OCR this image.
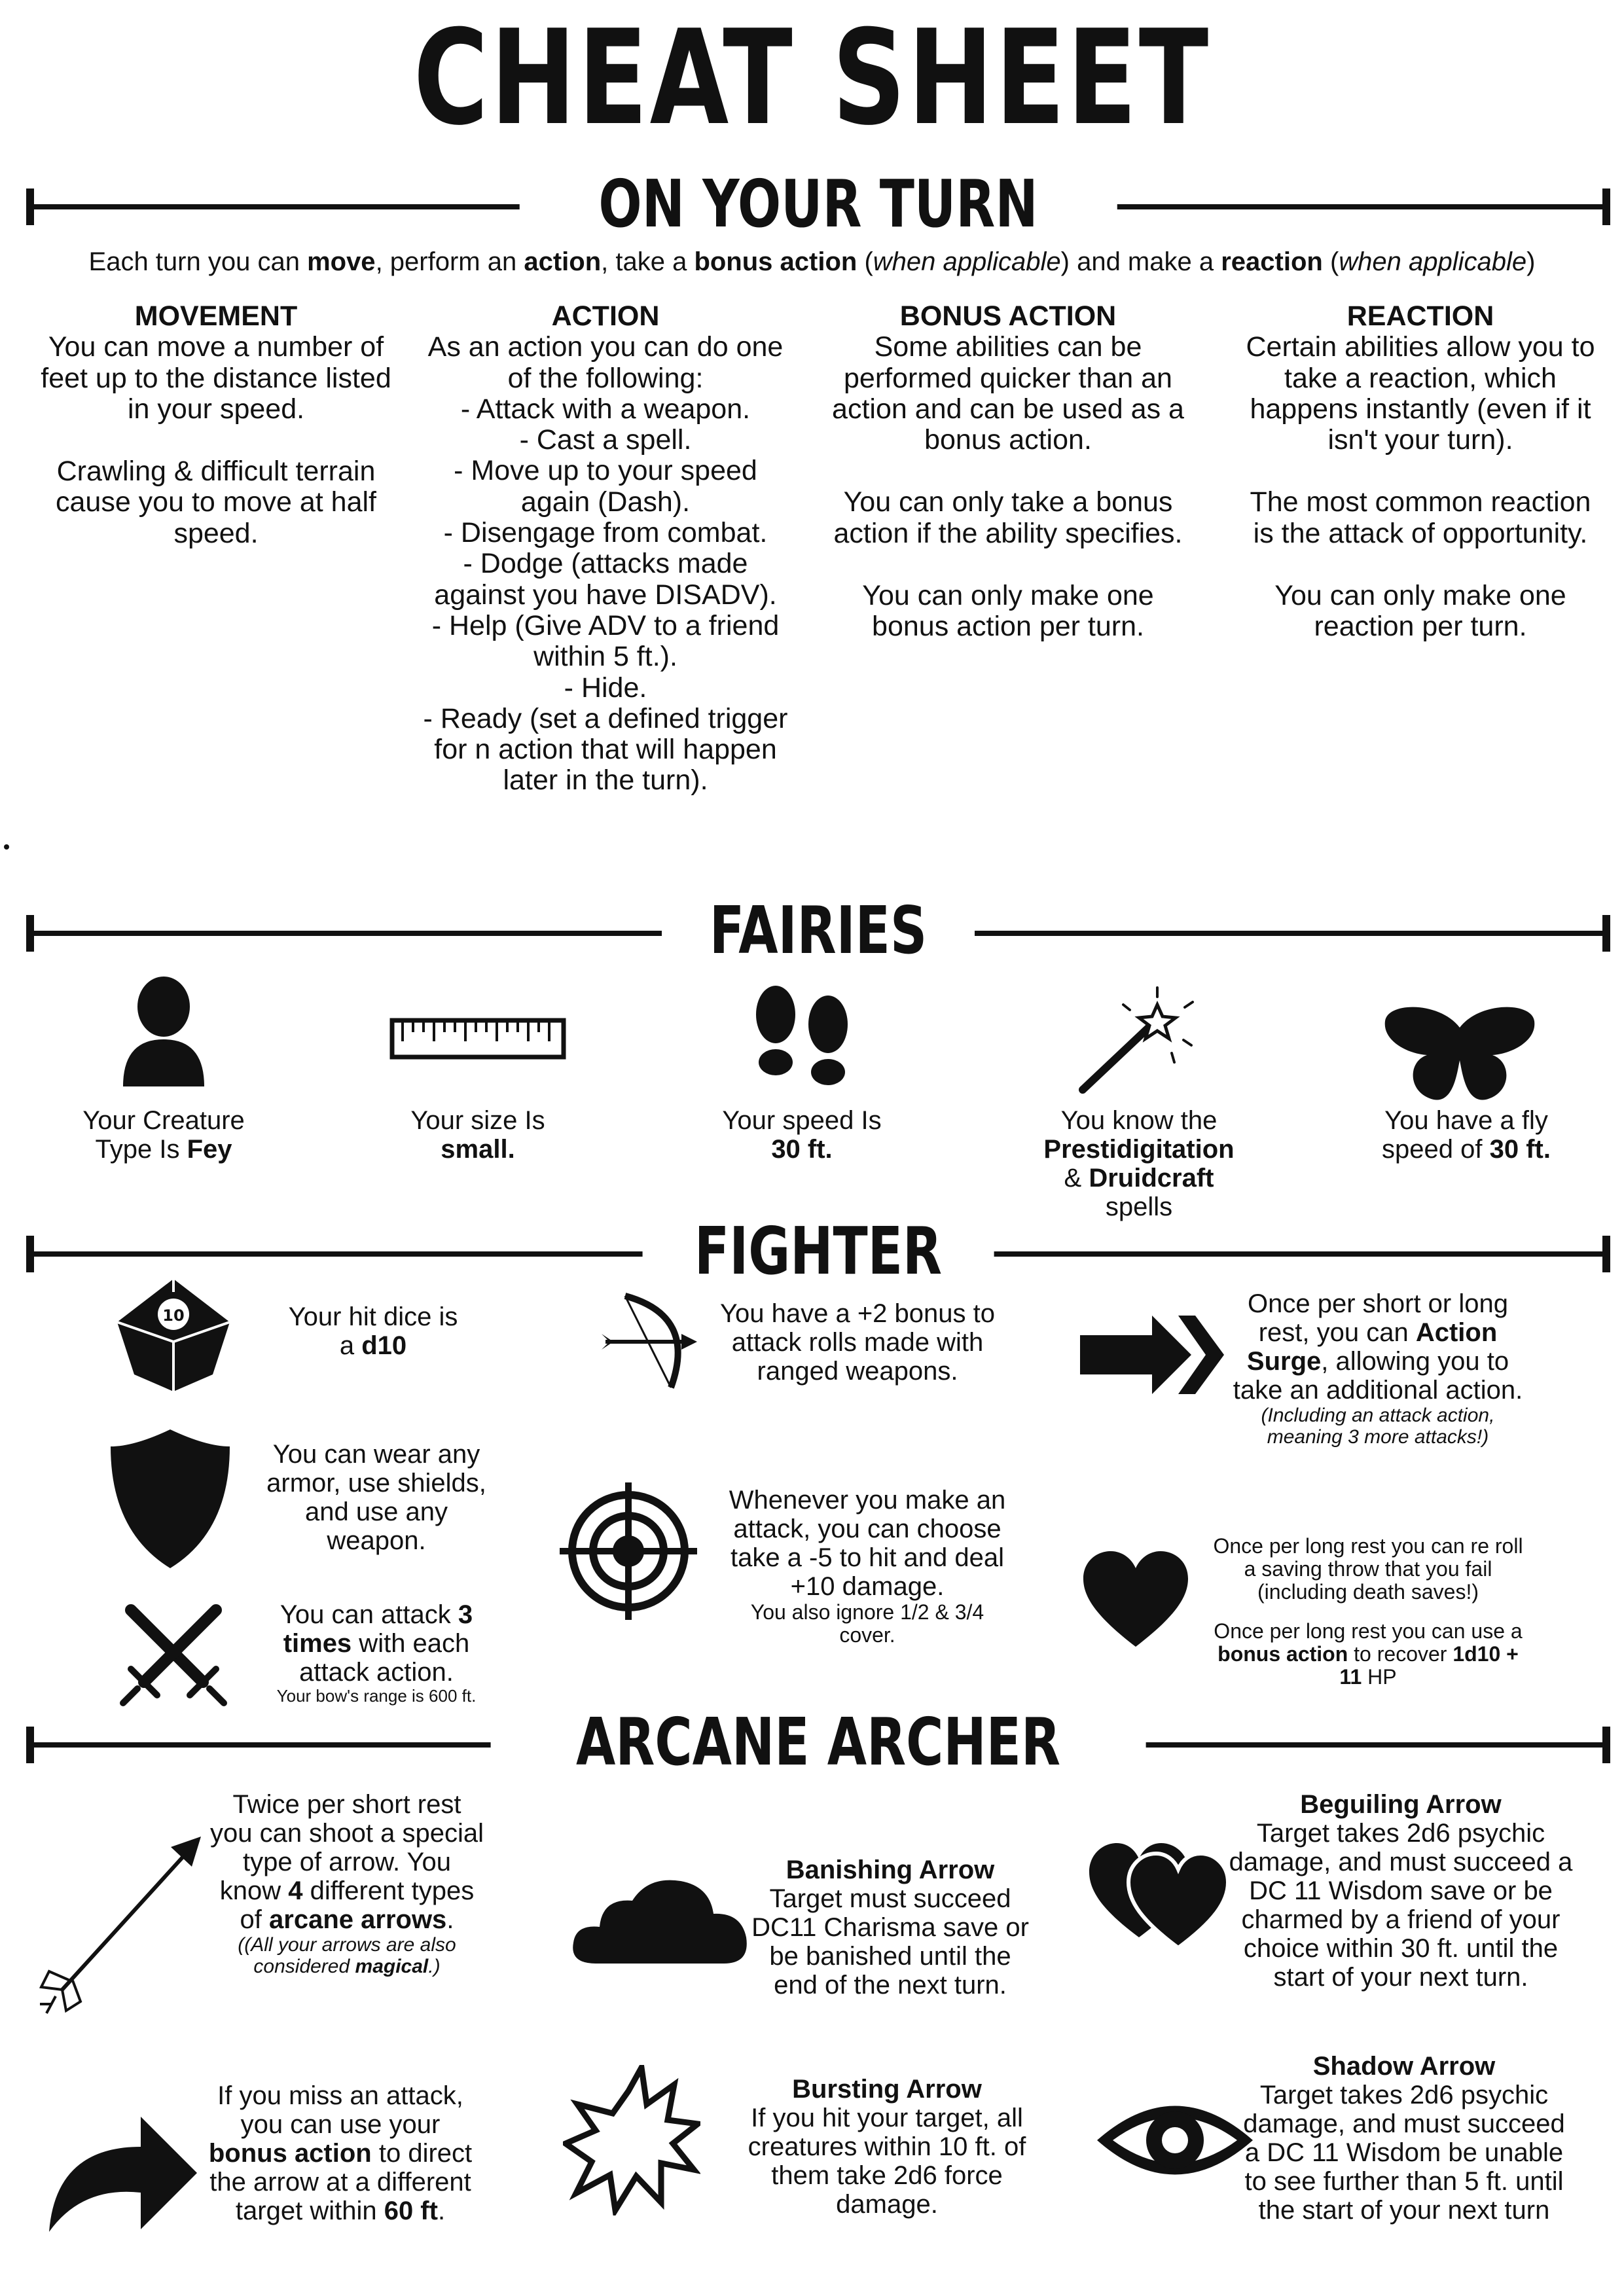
CHEAT SHEET
ON YOUR TURN
Each turn you can move, perform an action, take a bonus action (when applicable) and make a reaction (when applicable)
MOVEMENT

You can move a number of feet up to the distance listed in your speed.

Crawling & difficult terrain cause you to move at half speed.

ACTION

As an action you can do one of the following:

- Attack with a weapon.
- Cast a spell.
- Move up to your speed again (Dash).
- Disengage from combat.
- Dodge (attacks made against you have DISADV).
- Help (Give ADV to a friend within 5 ft.).
- Hide.
- Ready (set a defined trigger for n action that will happen later in the turn).
BONUS ACTION

Some abilities can be performed quicker than an action and can be used as a bonus action.

You can only take a bonus action if the ability specifies.

You can only make one bonus action per turn.

REACTION

Certain abilities allow you to take a reaction, which happens instantly (even if it isn't your turn).

The most common reaction is the attack of opportunity.

You can only make one reaction per turn.

FAIRIES
Your Creature
Type Is Fey
Your size Is
small.
Your speed Is
30 ft.
You know the
Prestidigitation
& Druidcraft
spells
You have a fly
speed of 30 ft.
FIGHTER
10	Your hit dice is
a d10
You have a +2 bonus to attack rolls made with ranged weapons.
Once per short or long rest, you can Action Surge, allowing you to take an additional action.
(Including an attack action, meaning 3 more attacks!)
You can wear any armor, use shields, and use any weapon.
Whenever you make an attack, you can choose take a -5 to hit and deal +10 damage.
You also ignore 1/2 & 3/4 cover.
Once per long rest you can re roll a saving throw that you fail (including death saves!)
Once per long rest you can use a bonus action to recover 1d10 + 11 HP
You can attack 3 times with each attack action.
Your bow's range is 600 ft.
ARCANE ARCHER
Twice per short rest you can shoot a special type of arrow. You know 4 different types of arcane arrows.
((All your arrows are also considered magical.)
Banishing Arrow
Target must succeed DC11 Charisma save or be banished until the end of the next turn.
Beguiling Arrow
Target takes 2d6 psychic damage, and must succeed a DC 11 Wisdom save or be charmed by a friend of your choice within 30 ft. until the start of your next turn.
If you miss an attack, you can use your bonus action to direct the arrow at a different target within 60 ft.
Bursting Arrow
If you hit your target, all creatures within 10 ft. of them take 2d6 force damage.
Shadow Arrow
Target takes 2d6 psychic damage, and must succeed a DC 11 Wisdom be unable to see further than 5 ft. until the start of your next turn
